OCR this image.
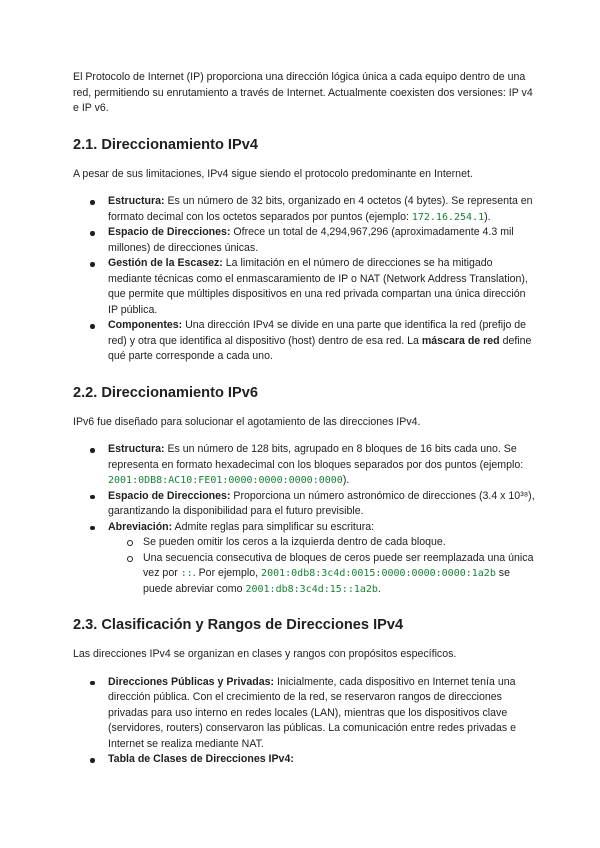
El Protocolo de Internet (IP) proporciona una dirección lógica única a cada equipo dentro de una red, permitiendo su enrutamiento a través de Internet. Actualmente coexisten dos versiones: IP v4 e IP v6.

2.1. Direccionamiento IPv4

A pesar de sus limitaciones, IPv4 sigue siendo el protocolo predominante en Internet.

Estructura: Es un número de 32 bits, organizado en 4 octetos (4 bytes). Se representa en formato decimal con los octetos separados por puntos (ejemplo: 172.16.254.1).
Espacio de Direcciones: Ofrece un total de 4,294,967,296 (aproximadamente 4.3 mil millones) de direcciones únicas.
Gestión de la Escasez: La limitación en el número de direcciones se ha mitigado mediante técnicas como el enmascaramiento de IP o NAT (Network Address Translation), que permite que múltiples dispositivos en una red privada compartan una única dirección IP pública.
Componentes: Una dirección IPv4 se divide en una parte que identifica la red (prefijo de red) y otra que identifica al dispositivo (host) dentro de esa red. La máscara de red define qué parte corresponde a cada uno.
2.2. Direccionamiento IPv6

IPv6 fue diseñado para solucionar el agotamiento de las direcciones IPv4.

Estructura: Es un número de 128 bits, agrupado en 8 bloques de 16 bits cada uno. Se representa en formato hexadecimal con los bloques separados por dos puntos (ejemplo: 2001:0DB8:AC10:FE01:0000:0000:0000:0000).
Espacio de Direcciones: Proporciona un número astronómico de direcciones (3.4 x 10³⁸), garantizando la disponibilidad para el futuro previsible.
Abreviación: Admite reglas para simplificar su escritura:
Se pueden omitir los ceros a la izquierda dentro de cada bloque.
Una secuencia consecutiva de bloques de ceros puede ser reemplazada una única vez por ::. Por ejemplo, 2001:0db8:3c4d:0015:0000:0000:0000:1a2b se puede abreviar como 2001:db8:3c4d:15::1a2b.
2.3. Clasificación y Rangos de Direcciones IPv4

Las direcciones IPv4 se organizan en clases y rangos con propósitos específicos.

Direcciones Públicas y Privadas: Inicialmente, cada dispositivo en Internet tenía una dirección pública. Con el crecimiento de la red, se reservaron rangos de direcciones privadas para uso interno en redes locales (LAN), mientras que los dispositivos clave (servidores, routers) conservaron las públicas. La comunicación entre redes privadas e Internet se realiza mediante NAT.
Tabla de Clases de Direcciones IPv4:
